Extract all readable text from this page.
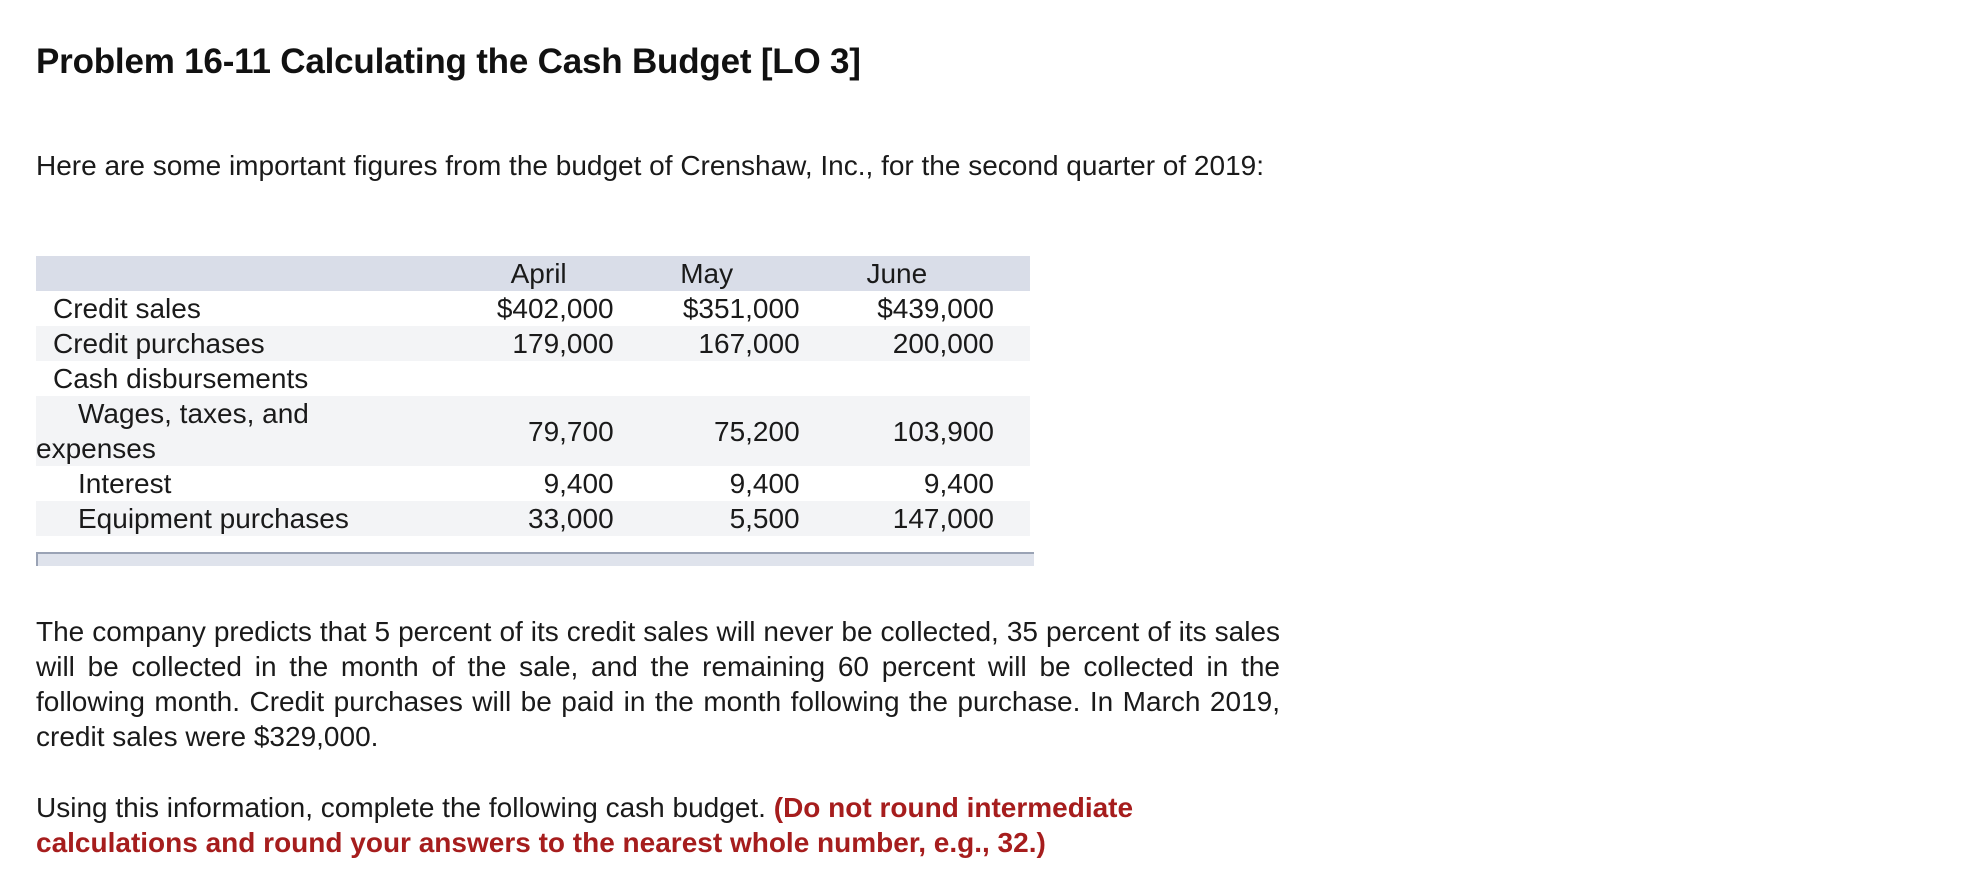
Problem 16-11 Calculating the Cash Budget [LO 3]

Here are some important figures from the budget of Crenshaw, Inc., for the second quarter of 2019:

	April	May	June
Credit sales	$402,000	$351,000	$439,000
Credit purchases	179,000	167,000	200,000
Cash disbursements			

Wages, taxes, and
expenses	79,700	75,200	103,900
Interest	9,400	9,400	9,400
Equipment purchases	33,000	5,500	147,000

The company predicts that 5 percent of its credit sales will never be collected, 35 percent of its sales will be collected in the month of the sale, and the remaining 60 percent will be collected in the following month. Credit purchases will be paid in the month following the purchase. In March 2019, credit sales were $329,000.

Using this information, complete the following cash budget. (Do not round intermediate calculations and round your answers to the nearest whole number, e.g., 32.)
